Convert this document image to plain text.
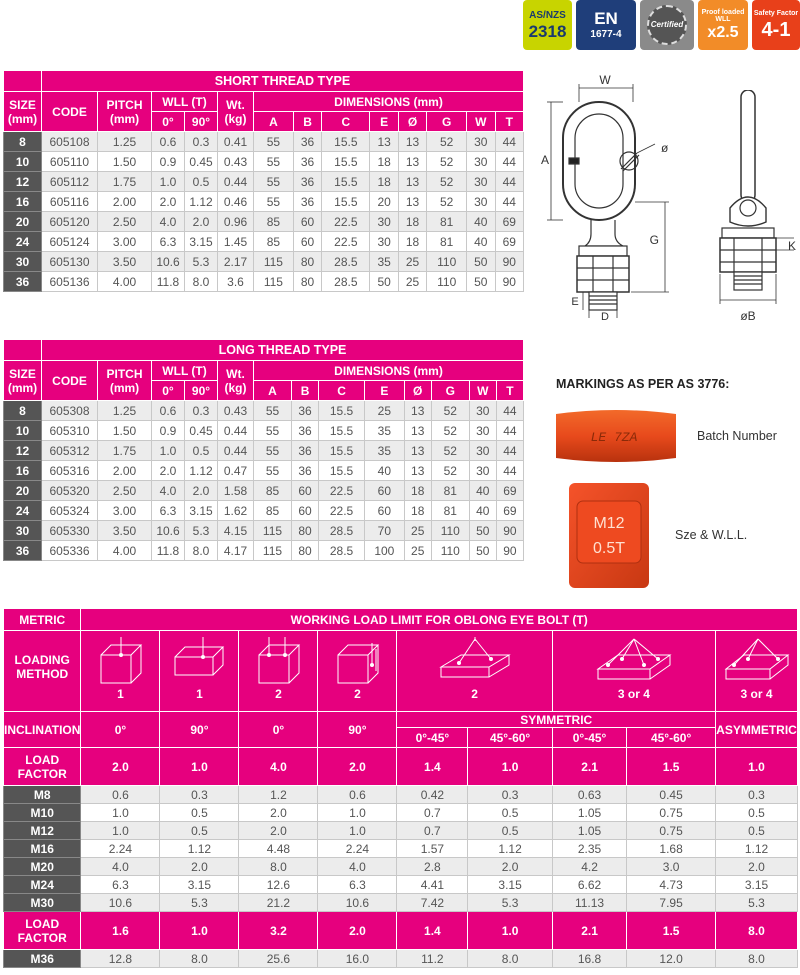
AS/NZS
2318
EN
1677-4
Certified
Proof loaded WLL
x2.5
Safety Factor
4-1
	SHORT THREAD TYPE												
SIZE (mm)	CODE	PITCH (mm)	WLL (T)		Wt. (kg)	DIMENSIONS (mm)							
			0°	90°		A	B	C	E	Ø	G	W	T
8	605108	1.25	0.6	0.3	0.41	55	36	15.5	13	13	52	30	44
10	605110	1.50	0.9	0.45	0.43	55	36	15.5	18	13	52	30	44
12	605112	1.75	1.0	0.5	0.44	55	36	15.5	18	13	52	30	44
16	605116	2.00	2.0	1.12	0.46	55	36	15.5	20	13	52	30	44
20	605120	2.50	4.0	2.0	0.96	85	60	22.5	30	18	81	40	69
24	605124	3.00	6.3	3.15	1.45	85	60	22.5	30	18	81	40	69
30	605130	3.50	10.6	5.3	2.17	115	80	28.5	35	25	110	50	90
36	605136	4.00	11.8	8.0	3.6	115	80	28.5	50	25	110	50	90
	LONG THREAD TYPE												
SIZE (mm)	CODE	PITCH (mm)	WLL (T)		Wt. (kg)	DIMENSIONS (mm)							
			0°	90°		A	B	C	E	Ø	G	W	T
8	605308	1.25	0.6	0.3	0.43	55	36	15.5	25	13	52	30	44
10	605310	1.50	0.9	0.45	0.44	55	36	15.5	35	13	52	30	44
12	605312	1.75	1.0	0.5	0.44	55	36	15.5	35	13	52	30	44
16	605316	2.00	2.0	1.12	0.47	55	36	15.5	40	13	52	30	44
20	605320	2.50	4.0	2.0	1.58	85	60	22.5	60	18	81	40	69
24	605324	3.00	6.3	3.15	1.62	85	60	22.5	60	18	81	40	69
30	605330	3.50	10.6	5.3	4.15	115	80	28.5	70	25	110	50	90
36	605336	4.00	11.8	8.0	4.17	115	80	28.5	100	25	110	50	90
W
A
ø
G
E
D
K
øB
MARKINGS AS PER AS 3776:
LE 7ZA	Batch Number
M12
0.5T
Sze & W.L.L.
METRIC	WORKING LOAD LIMIT FOR OBLONG EYE BOLT (T)								

LOADING METHOD	1	1	2	2	2		3 or 4		3 or 4

INCLINATION	0°	90°	0°	90°	SYMMETRIC				ASYMMETRIC
					0°-45°	45°-60°	0°-45°	45°-60°	
LOAD FACTOR	2.0	1.0	4.0	2.0	1.4	1.0	2.1	1.5	1.0
M8	0.6	0.3	1.2	0.6	0.42	0.3	0.63	0.45	0.3
M10	1.0	0.5	2.0	1.0	0.7	0.5	1.05	0.75	0.5
M12	1.0	0.5	2.0	1.0	0.7	0.5	1.05	0.75	0.5
M16	2.24	1.12	4.48	2.24	1.57	1.12	2.35	1.68	1.12
M20	4.0	2.0	8.0	4.0	2.8	2.0	4.2	3.0	2.0
M24	6.3	3.15	12.6	6.3	4.41	3.15	6.62	4.73	3.15
M30	10.6	5.3	21.2	10.6	7.42	5.3	11.13	7.95	5.3
LOAD FACTOR	1.6	1.0	3.2	2.0	1.4	1.0	2.1	1.5	8.0
M36	12.8	8.0	25.6	16.0	11.2	8.0	16.8	12.0	8.0
